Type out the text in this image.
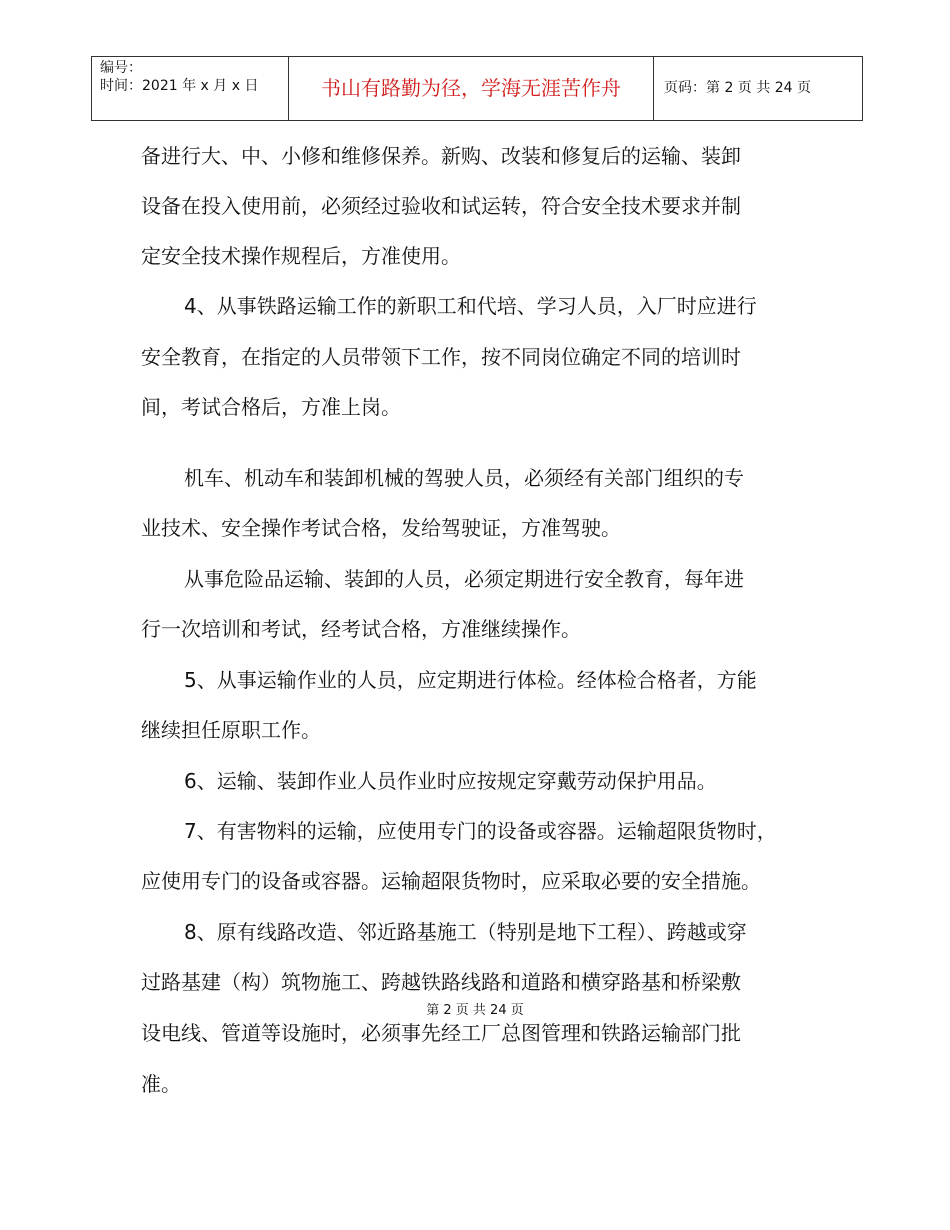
编号：
时间：2021 年 x 月 x 日	书山有路勤为径，学海无涯苦作舟	页码：第 2 页 共 24 页
备进行大、中、小修和维修保养。新购、改装和修复后的运输、装卸
设备在投入使用前，必须经过验收和试运转，符合安全技术要求并制
定安全技术操作规程后，方准使用。
4、从事铁路运输工作的新职工和代培、学习人员，入厂时应进行
安全教育，在指定的人员带领下工作，按不同岗位确定不同的培训时
间，考试合格后，方准上岗。
机车、机动车和装卸机械的驾驶人员，必须经有关部门组织的专
业技术、安全操作考试合格，发给驾驶证，方准驾驶。
从事危险品运输、装卸的人员，必须定期进行安全教育，每年进
行一次培训和考试，经考试合格，方准继续操作。
5、从事运输作业的人员，应定期进行体检。经体检合格者，方能
继续担任原职工作。
6、运输、装卸作业人员作业时应按规定穿戴劳动保护用品。
7、有害物料的运输，应使用专门的设备或容器。运输超限货物时，
应使用专门的设备或容器。运输超限货物时，应采取必要的安全措施。
8、原有线路改造、邻近路基施工（特别是地下工程）、跨越或穿
过路基建（构）筑物施工、跨越铁路线路和道路和横穿路基和桥梁敷
设电线、管道等设施时，必须事先经工厂总图管理和铁路运输部门批
准。
第 2 页 共 24 页
